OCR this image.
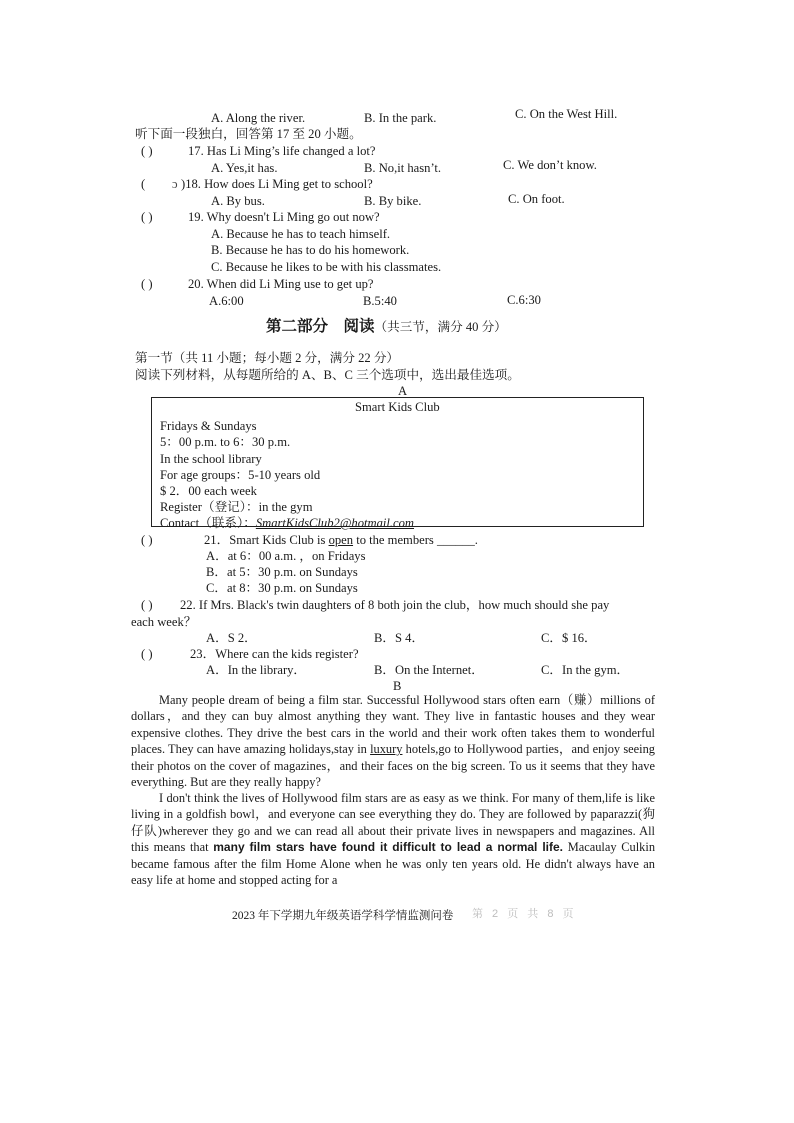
A. Along the river.	B. In the park.	C. On the West Hill.
听下面一段独白，回答第 17 至 20 小题。
( )	17. Has Li Ming’s life changed a lot?
A. Yes,it has.	B. No,it hasn’t.	C. We don’t know.
( ɔ )18. How does Li Ming get to school?
A. By bus.	B. By bike.	C. On foot.
( )	19. Why doesn't Li Ming go out now?
A. Because he has to teach himself.
B. Because he has to do his homework.
C. Because he likes to be with his classmates.
( )	20. When did Li Ming use to get up?
A.6:00	B.5:40	C.6:30
第二部分　阅读（共三节，满分 40 分）
第一节（共 11 小题；每小题 2 分，满分 22 分）
阅读下列材料，从每题所给的 A、B、C 三个选项中，选出最佳选项。
A
Smart Kids Club
Fridays & Sundays
5：00 p.m. to 6：30 p.m.
In the school library
For age groups：5-10 years old
$ 2．00 each week
Register（登记）：in the gym
Contact（联系）：SmartKidsClub2@hotmail.com
( )	21．Smart Kids Club is open to the members ______.
A．at 6：00 a.m. ，on Fridays
B．at 5：30 p.m. on Sundays
C．at 8：30 p.m. on Sundays
( ) 22. If Mrs. Black's twin daughters of 8 both join the club，how much should she pay
each week？
A．S 2．	B．S 4．	C．$ 16．
( )	23．Where can the kids register?
A．In the library．	B．On the Internet．	C．In the gym．
B
Many people dream of being a film star. Successful Hollywood stars often earn（赚）millions of dollars，and they can buy almost anything they want. They live in fantastic houses and they wear expensive clothes. They drive the best cars in the world and their work often takes them to wonderful places. They can have amazing holidays,stay in luxury hotels,go to Hollywood parties，and enjoy seeing their photos on the cover of magazines，and their faces on the big screen. To us it seems that they have everything. But are they really happy?
I don't think the lives of Hollywood film stars are as easy as we think. For many of them,life is like living in a goldfish bowl，and everyone can see everything they do. They are followed by paparazzi(狗仔队)wherever they go and we can read all about their private lives in newspapers and magazines. All this means that many film stars have found it difficult to lead a normal life. Macaulay Culkin became famous after the film Home Alone when he was only ten years old. He didn't always have an easy life at home and stopped acting for a
2023 年下学期九年级英语学科学情监测问卷 第 2 页 共 8 页
